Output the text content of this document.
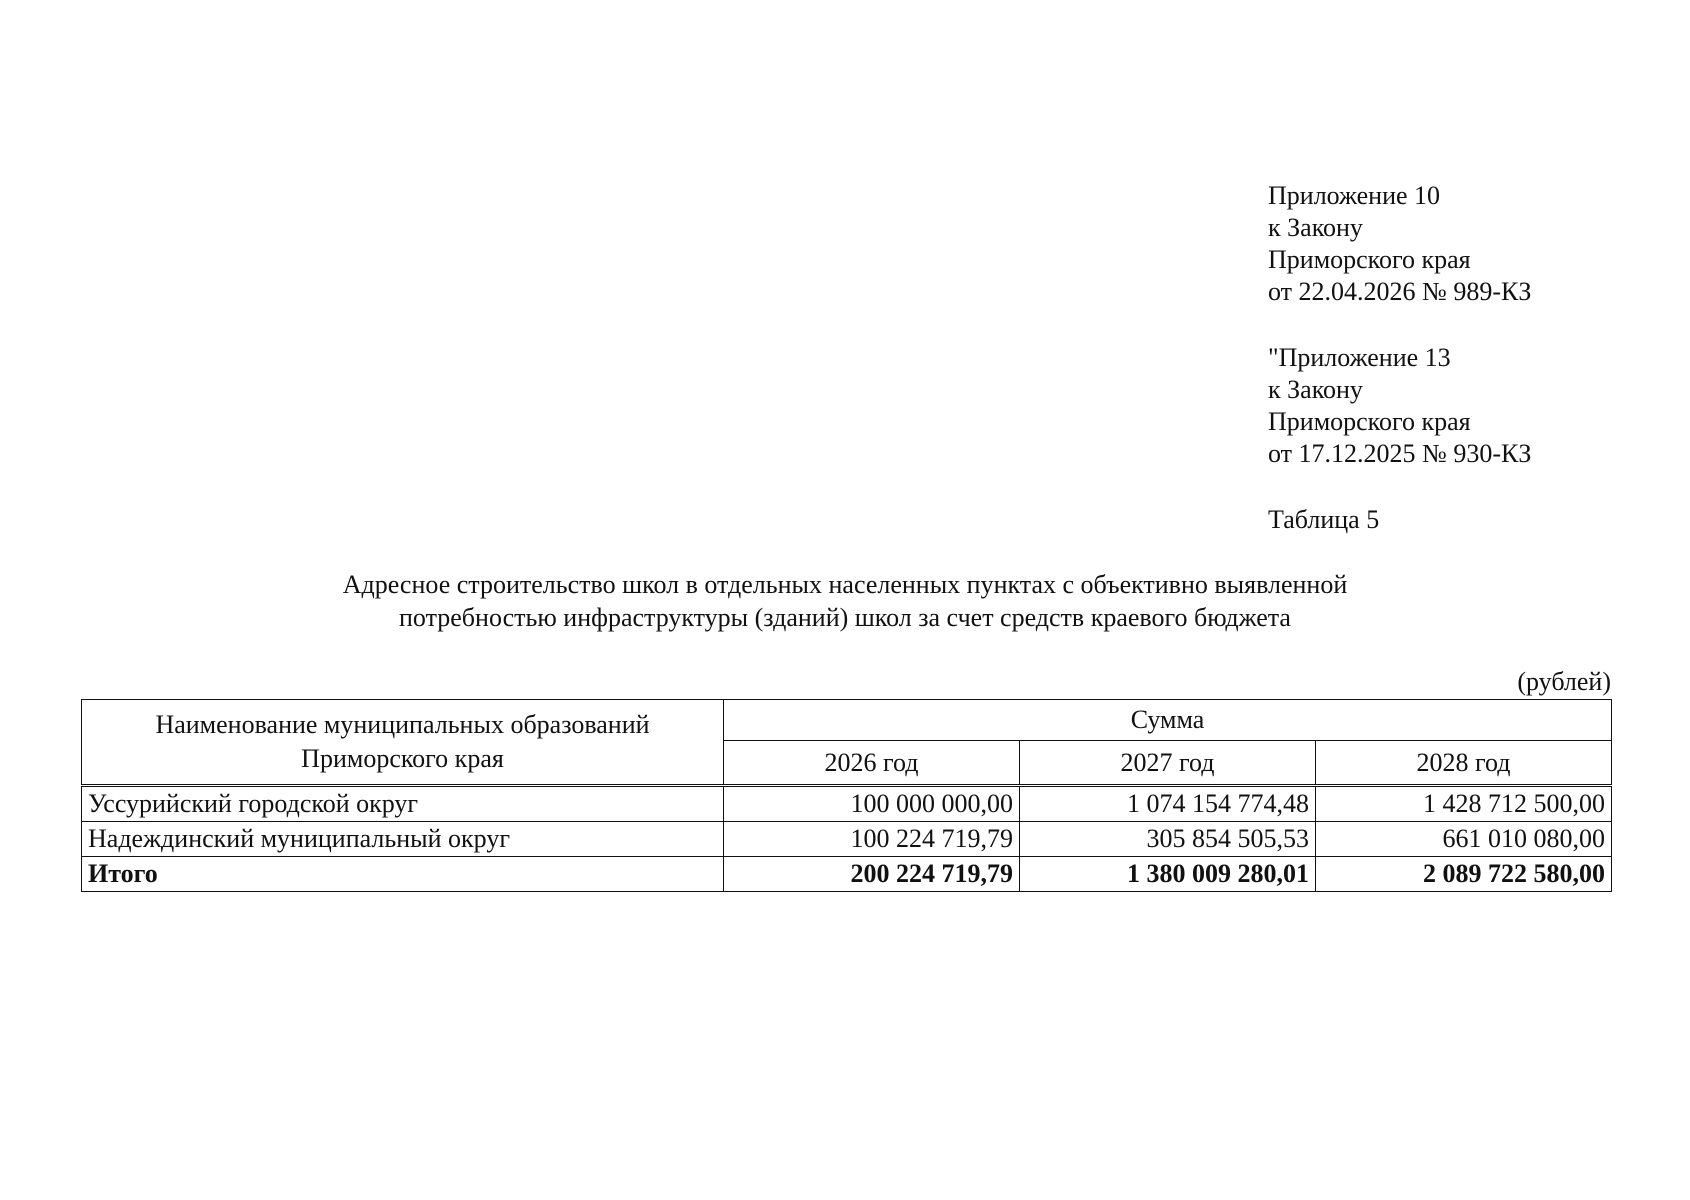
Приложение 10
к Закону
Приморского края
от 22.04.2026 № 989-КЗ
"Приложение 13
к Закону
Приморского края
от 17.12.2025 № 930-КЗ
Таблица 5
Адресное строительство школ в отдельных населенных пунктах с объективно выявленной
потребностью инфраструктуры (зданий) школ за счет средств краевого бюджета
(рублей)
Наименование муниципальных образований
Приморского края	Сумма		
	2026 год	2027 год	2028 год
Уссурийский городской округ	100 000 000,00	1 074 154 774,48	1 428 712 500,00
Надеждинский муниципальный округ	100 224 719,79	305 854 505,53	661 010 080,00
Итого	200 224 719,79	1 380 009 280,01	2 089 722 580,00
